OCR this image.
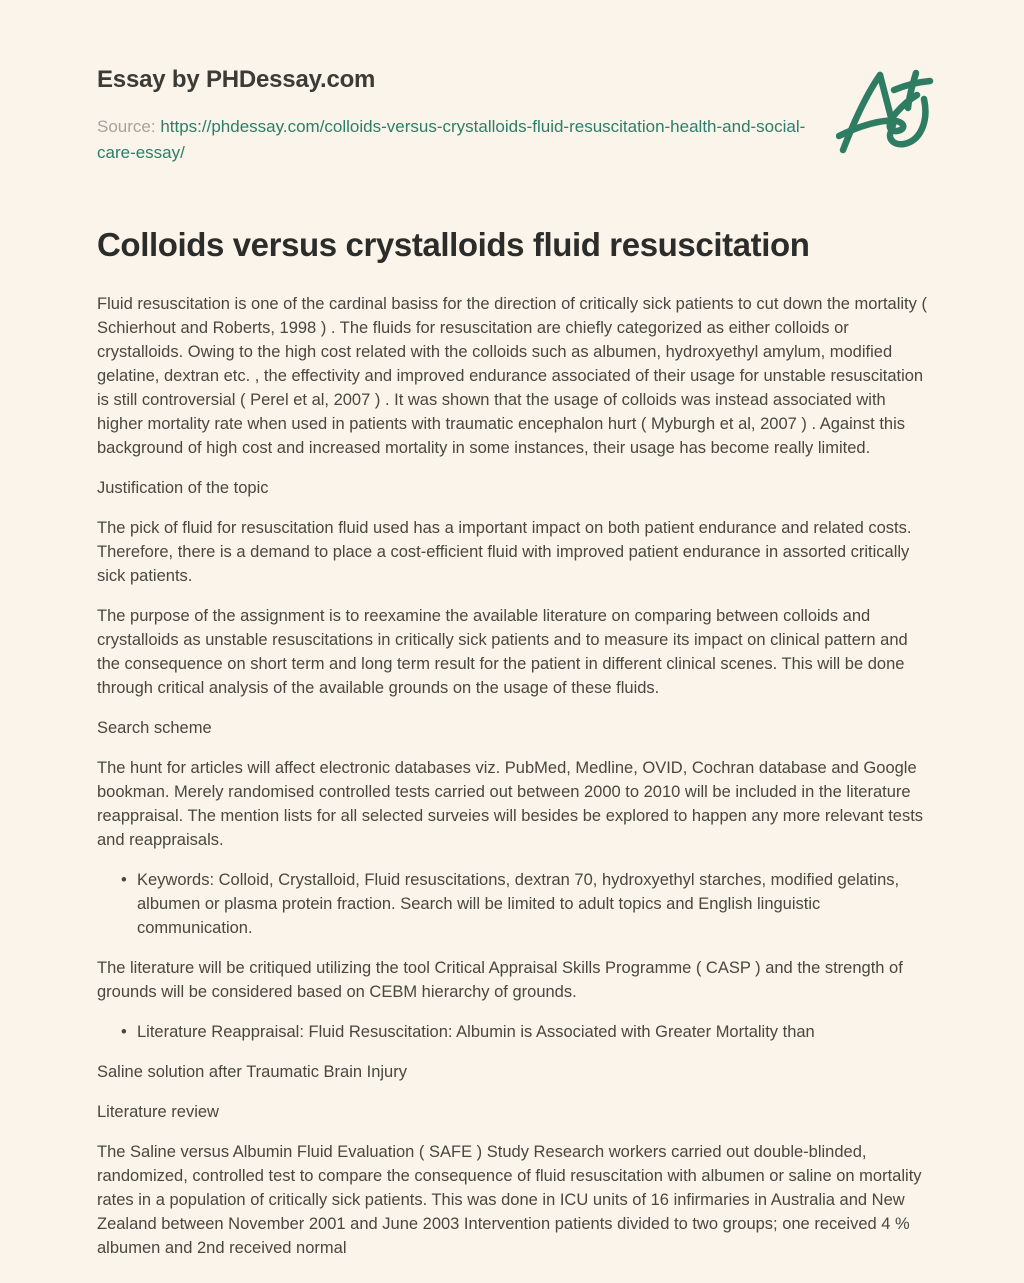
Essay by PHDessay.com
Source: https://phdessay.com/colloids-versus-crystalloids-fluid-resuscitation-health-and-social-care-essay/
Colloids versus crystalloids fluid resuscitation
Fluid resuscitation is one of the cardinal basiss for the direction of critically sick patients to cut down the mortality ( Schierhout and Roberts, 1998 ) . The fluids for resuscitation are chiefly categorized as either colloids or crystalloids. Owing to the high cost related with the colloids such as albumen, hydroxyethyl amylum, modified gelatine, dextran etc. , the effectivity and improved endurance associated of their usage for unstable resuscitation is still controversial ( Perel et al, 2007 ) . It was shown that the usage of colloids was instead associated with higher mortality rate when used in patients with traumatic encephalon hurt ( Myburgh et al, 2007 ) . Against this background of high cost and increased mortality in some instances, their usage has become really limited.
Justification of the topic
The pick of fluid for resuscitation fluid used has a important impact on both patient endurance and related costs. Therefore, there is a demand to place a cost-efficient fluid with improved patient endurance in assorted critically sick patients.
The purpose of the assignment is to reexamine the available literature on comparing between colloids and crystalloids as unstable resuscitations in critically sick patients and to measure its impact on clinical pattern and the consequence on short term and long term result for the patient in different clinical scenes. This will be done through critical analysis of the available grounds on the usage of these fluids.
Search scheme
The hunt for articles will affect electronic databases viz. PubMed, Medline, OVID, Cochran database and Google bookman. Merely randomised controlled tests carried out between 2000 to 2010 will be included in the literature reappraisal. The mention lists for all selected surveies will besides be explored to happen any more relevant tests and reappraisals.
• Keywords: Colloid, Crystalloid, Fluid resuscitations, dextran 70, hydroxyethyl starches, modified gelatins, albumen or plasma protein fraction. Search will be limited to adult topics and English linguistic communication.
The literature will be critiqued utilizing the tool Critical Appraisal Skills Programme ( CASP ) and the strength of grounds will be considered based on CEBM hierarchy of grounds.
• Literature Reappraisal: Fluid Resuscitation: Albumin is Associated with Greater Mortality than
Saline solution after Traumatic Brain Injury
Literature review
The Saline versus Albumin Fluid Evaluation ( SAFE ) Study Research workers carried out double-blinded, randomized, controlled test to compare the consequence of fluid resuscitation with albumen or saline on mortality rates in a population of critically sick patients. This was done in ICU units of 16 infirmaries in Australia and New Zealand between November 2001 and June 2003 Intervention patients divided to two groups; one received 4 % albumen and 2nd received normal
